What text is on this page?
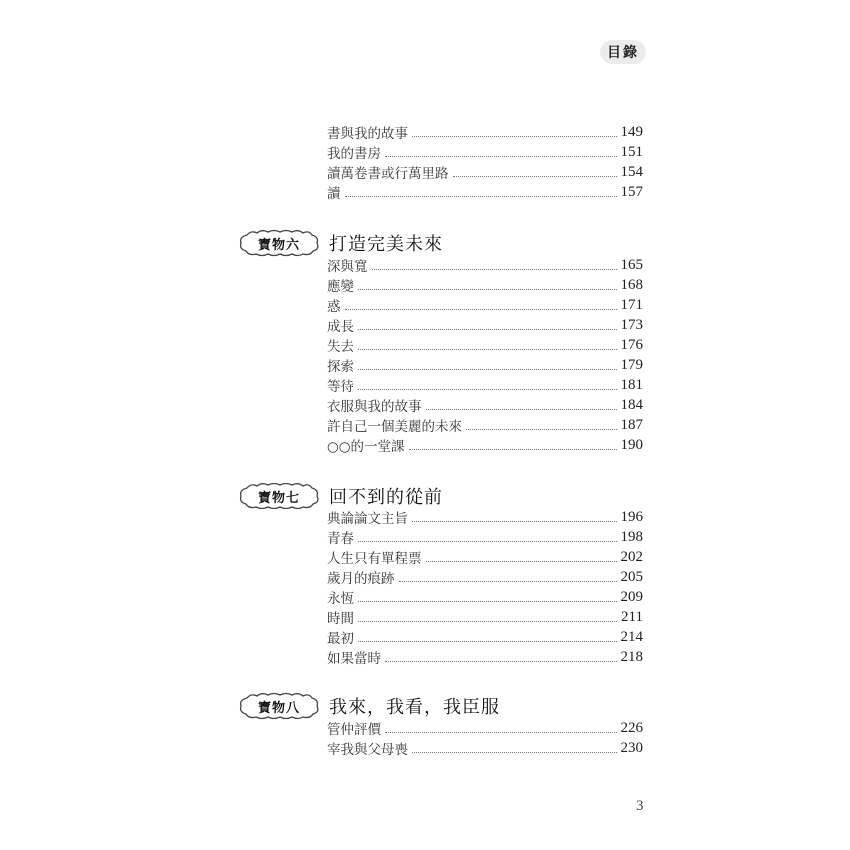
目錄
書與我的故事	149
我的書房	151
讀萬卷書或行萬里路	154
讀	157
寶物六	打造完美未來
深與寬	165
應變	168
惑	171
成長	173
失去	176
探索	179
等待	181
衣服與我的故事	184
許自己一個美麗的未來	187
○○的一堂課	190
寶物七	回不到的從前
典論論文主旨	196
青春	198
人生只有單程票	202
歲月的痕跡	205
永恆	209
時間	211
最初	214
如果當時	218
寶物八	我來，我看，我臣服
管仲評價	226
宰我與父母喪	230
3
